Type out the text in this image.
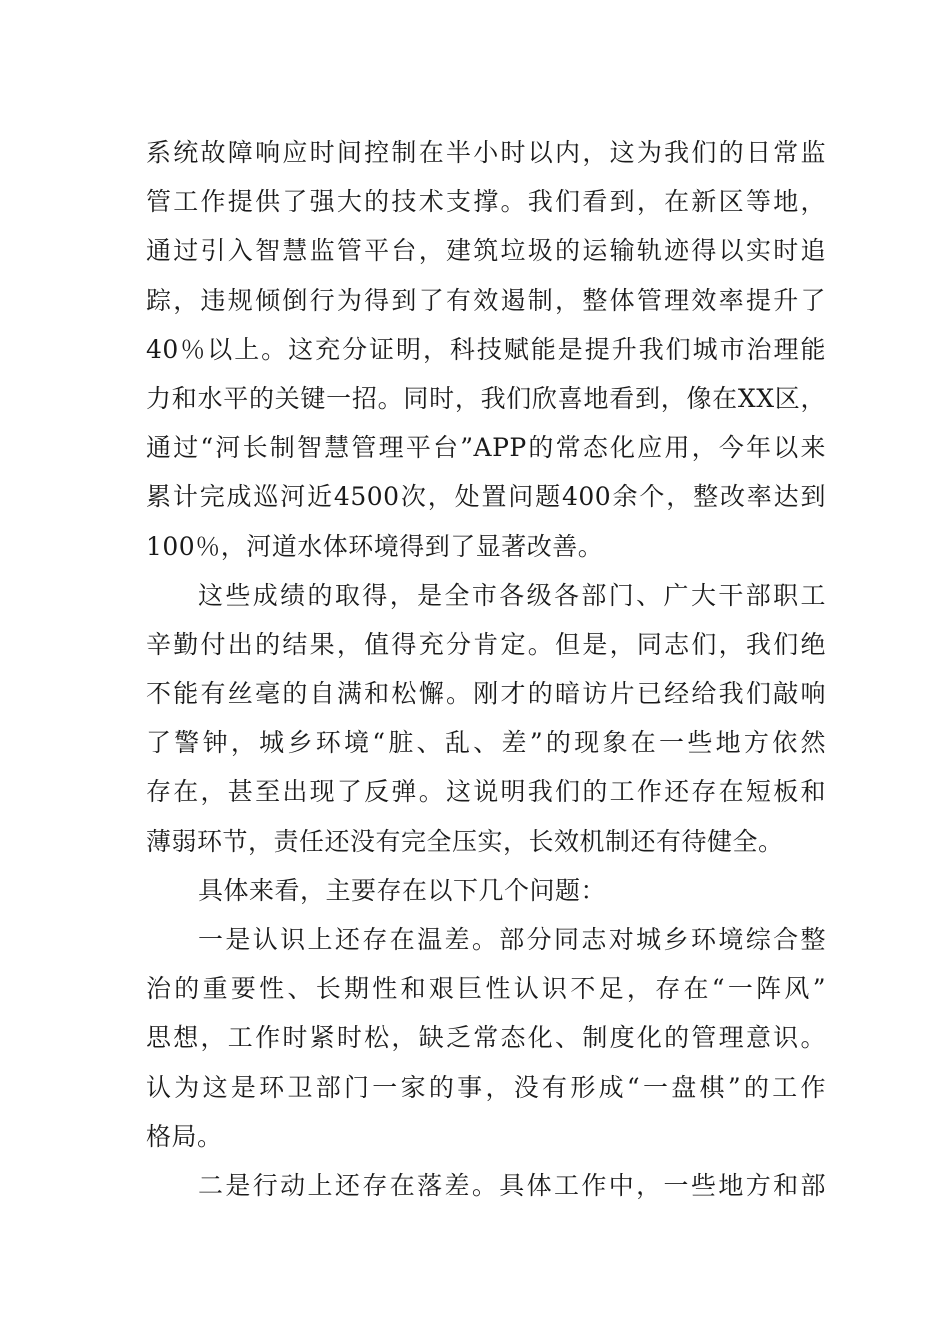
系统故障响应时间控制在半小时以内，这为我们的日常监
管工作提供了强大的技术支撑。我们看到，在新区等地，
通过引入智慧监管平台，建筑垃圾的运输轨迹得以实时追
踪，违规倾倒行为得到了有效遏制，整体管理效率提升了
40％以上。这充分证明，科技赋能是提升我们城市治理能
力和水平的关键一招。同时，我们欣喜地看到，像在XX区，
通过“河长制智慧管理平台”APP的常态化应用，今年以来
累计完成巡河近4500次，处置问题400余个，整改率达到
100％，河道水体环境得到了显著改善。
这些成绩的取得，是全市各级各部门、广大干部职工
辛勤付出的结果，值得充分肯定。但是，同志们，我们绝
不能有丝毫的自满和松懈。刚才的暗访片已经给我们敲响
了警钟，城乡环境“脏、乱、差”的现象在一些地方依然
存在，甚至出现了反弹。这说明我们的工作还存在短板和
薄弱环节，责任还没有完全压实，长效机制还有待健全。
具体来看，主要存在以下几个问题：
一是认识上还存在温差。部分同志对城乡环境综合整
治的重要性、长期性和艰巨性认识不足，存在“一阵风”
思想，工作时紧时松，缺乏常态化、制度化的管理意识。
认为这是环卫部门一家的事，没有形成“一盘棋”的工作
格局。
二是行动上还存在落差。具体工作中，一些地方和部
